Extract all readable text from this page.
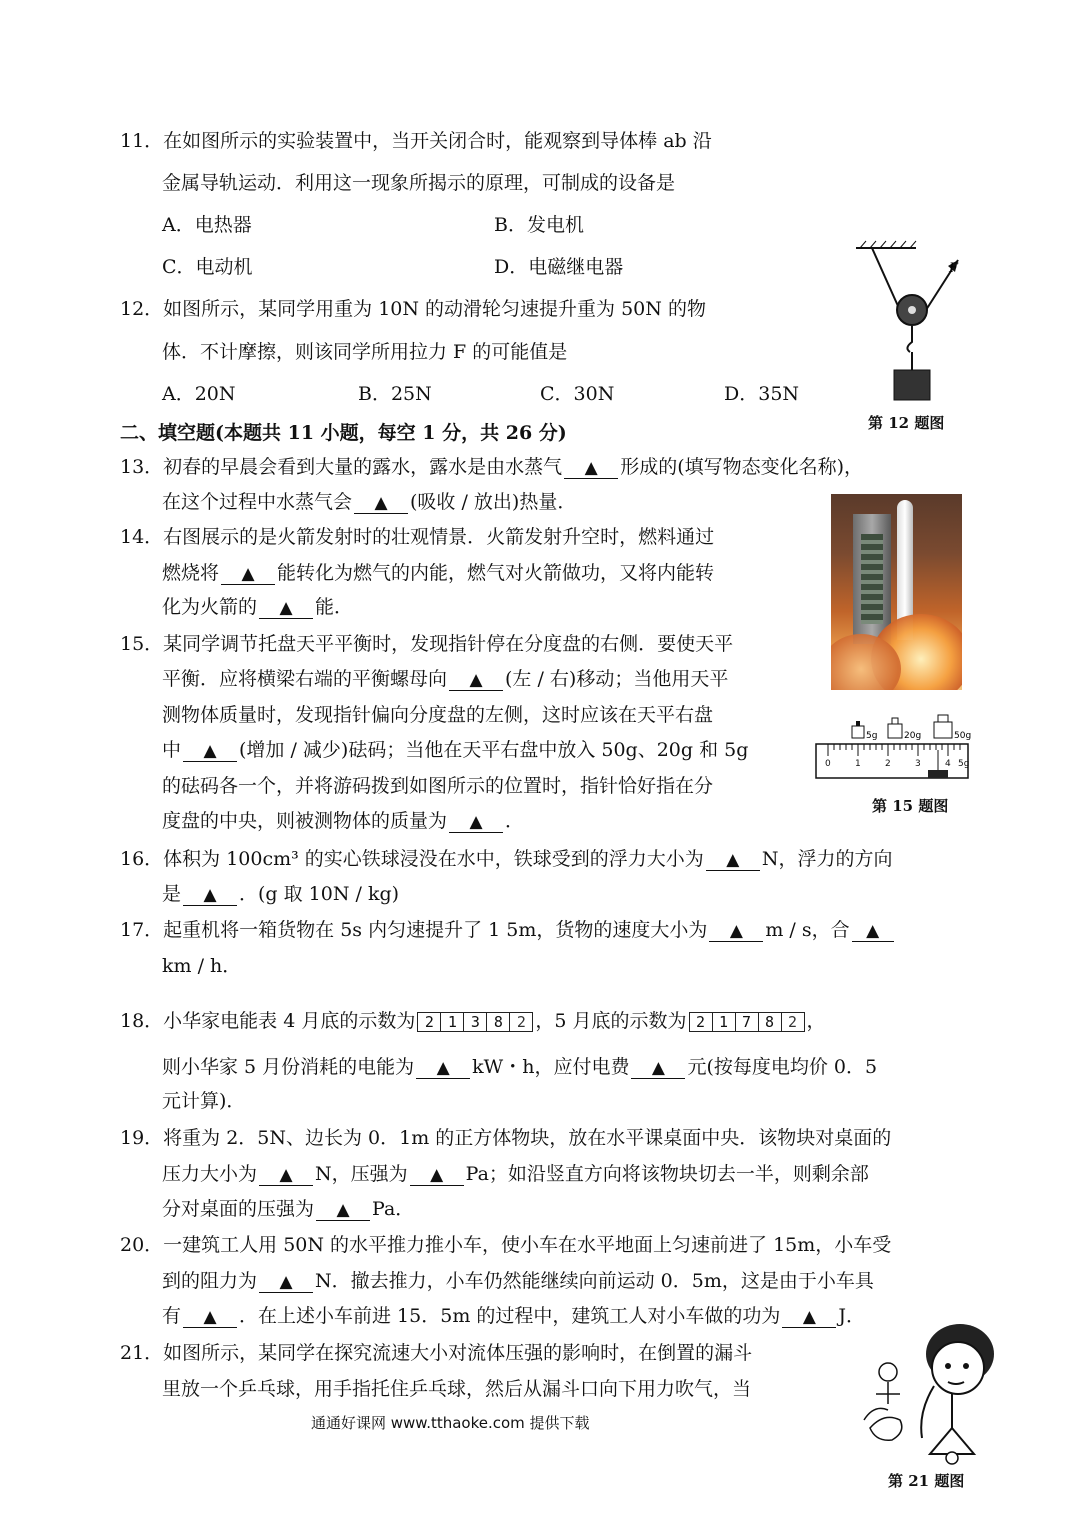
11．在如图所示的实验装置中，当开关闭合时，能观察到导体棒 ab 沿
金属导轨运动．利用这一现象所揭示的原理，可制成的设备是
A．电热器	B．发电机
C．电动机	D．电磁继电器
12．如图所示，某同学用重为 10N 的动滑轮匀速提升重为 50N 的物
体．不计摩擦，则该同学所用拉力 F 的可能值是
A．20N	B．25N	C．30N	D．35N
F
第 12 题图
二、填空题(本题共 11 小题，每空 1 分，共 26 分)
13．初春的早晨会看到大量的露水，露水是由水蒸气 ▲ 形成的(填写物态变化名称)，
在这个过程中水蒸气会 ▲ (吸收 / 放出)热量．
14．右图展示的是火箭发射时的壮观情景．火箭发射升空时，燃料通过
燃烧将 ▲ 能转化为燃气的内能，燃气对火箭做功，又将内能转
化为火箭的 ▲ 能．
15．某同学调节托盘天平平衡时，发现指针停在分度盘的右侧．要使天平
平衡．应将横梁右端的平衡螺母向 ▲ (左 / 右)移动；当他用天平
测物体质量时，发现指针偏向分度盘的左侧，这时应该在天平右盘
中 ▲ (增加 / 减少)砝码；当他在天平右盘中放入 50g、20g 和 5g
的砝码各一个，并将游码拨到如图所示的位置时，指针恰好指在分
度盘的中央，则被测物体的质量为 ▲ ．
5g	20g	50g
0	1	2	3	4 5g
第 15 题图
16．体积为 100cm³ 的实心铁球浸没在水中，铁球受到的浮力大小为 ▲ N，浮力的方向
是 ▲ ．(g 取 10N / kg)
17．起重机将一箱货物在 5s 内匀速提升了 1 5m，货物的速度大小为 ▲ m / s，合 ▲
km / h．
18．小华家电能表 4 月底的示数为 2 1 3 8 2 ，5 月底的示数为 2 1 7 8 2 ，
则小华家 5 月份消耗的电能为 ▲ kW・h，应付电费 ▲ 元(按每度电均价 0．5
元计算)．
19．将重为 2．5N、边长为 0．1m 的正方体物块，放在水平课桌面中央．该物块对桌面的
压力大小为 ▲ N，压强为 ▲ Pa；如沿竖直方向将该物块切去一半，则剩余部
分对桌面的压强为 ▲ Pa．
20．一建筑工人用 50N 的水平推力推小车，使小车在水平地面上匀速前进了 15m，小车受
到的阻力为 ▲ N．撤去推力，小车仍然能继续向前运动 0．5m，这是由于小车具
有 ▲ ．在上述小车前进 15．5m 的过程中，建筑工人对小车做的功为 ▲ J．
21．如图所示，某同学在探究流速大小对流体压强的影响时，在倒置的漏斗
里放一个乒乓球，用手指托住乒乓球，然后从漏斗口向下用力吹气，当
第 21 题图
通通好课网 www.tthaoke.com 提供下载
